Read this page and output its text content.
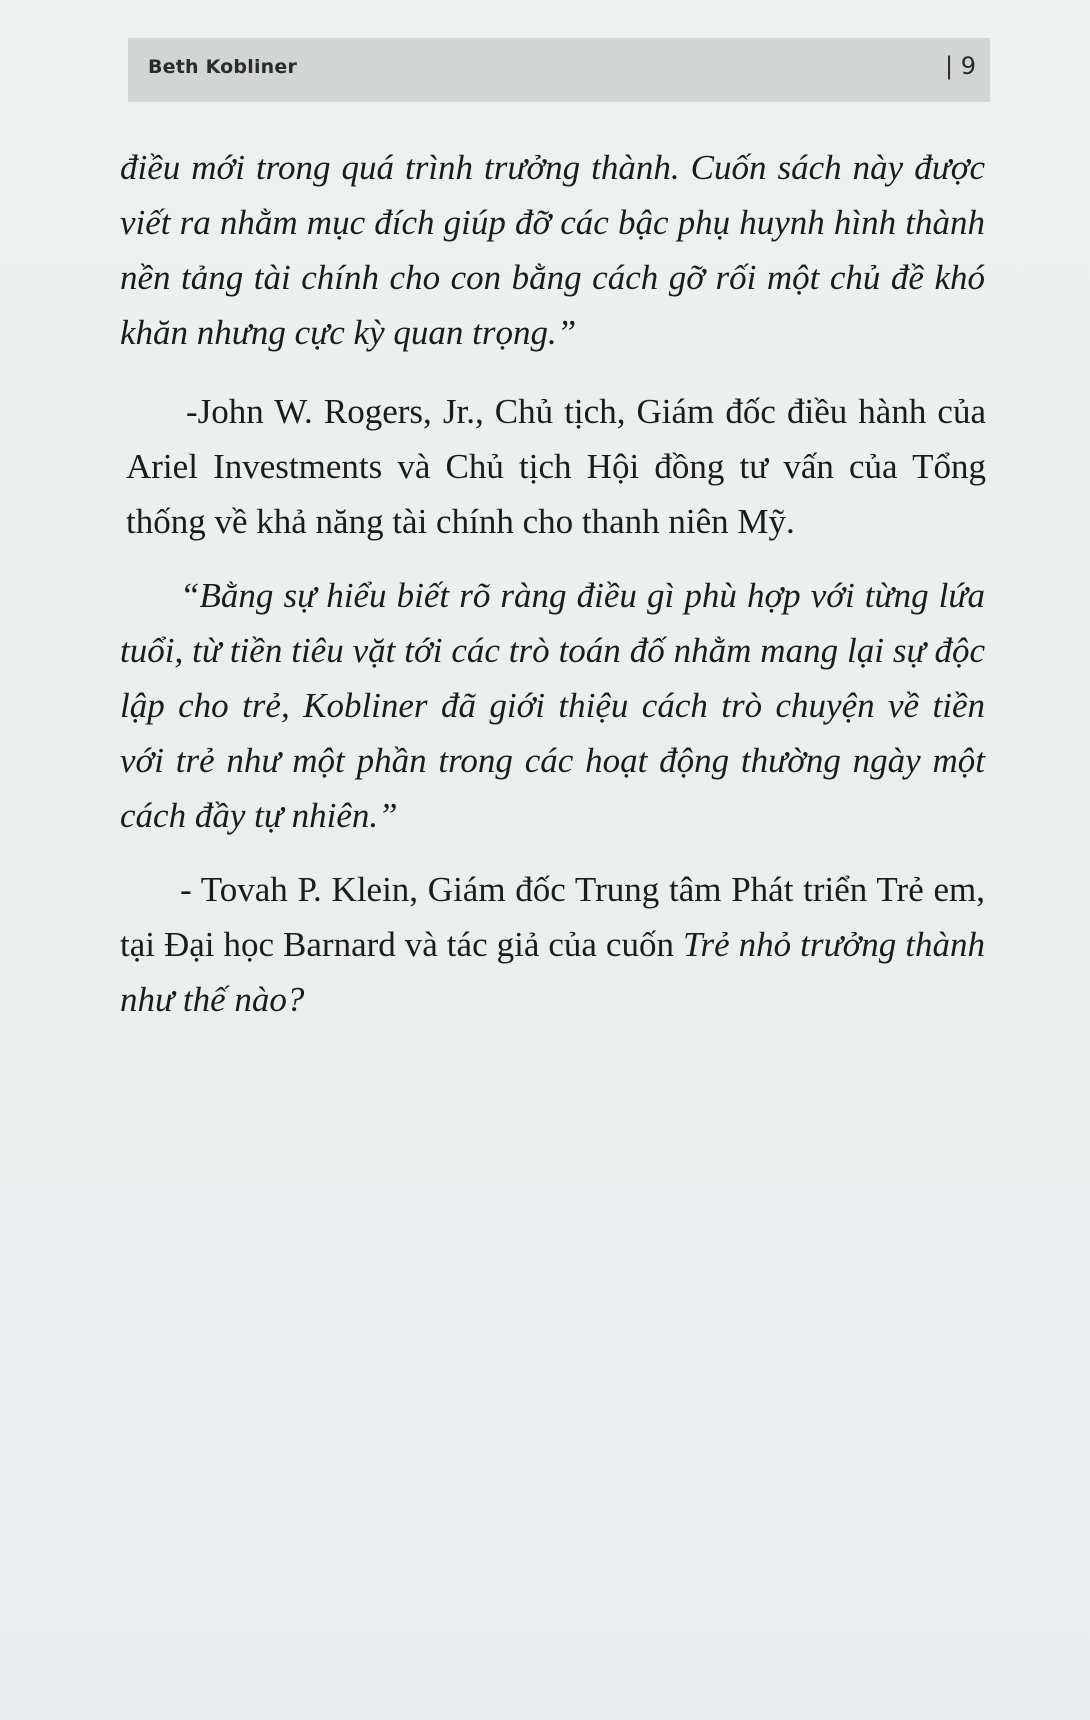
Beth Kobliner	| 9

điều mới trong quá trình trưởng thành. Cuốn sách này được viết ra nhằm mục đích giúp đỡ các bậc phụ huynh hình thành nền tảng tài chính cho con bằng cách gỡ rối một chủ đề khó khăn nhưng cực kỳ quan trọng.”

-John W. Rogers, Jr., Chủ tịch, Giám đốc điều hành của Ariel Investments và Chủ tịch Hội đồng tư vấn của Tổng thống về khả năng tài chính cho thanh niên Mỹ.

“Bằng sự hiểu biết rõ ràng điều gì phù hợp với từng lứa tuổi, từ tiền tiêu vặt tới các trò toán đố nhằm mang lại sự độc lập cho trẻ, Kobliner đã giới thiệu cách trò chuyện về tiền với trẻ như một phần trong các hoạt động thường ngày một cách đầy tự nhiên.”

- Tovah P. Klein, Giám đốc Trung tâm Phát triển Trẻ em, tại Đại học Barnard và tác giả của cuốn Trẻ nhỏ trưởng thành như thế nào?
